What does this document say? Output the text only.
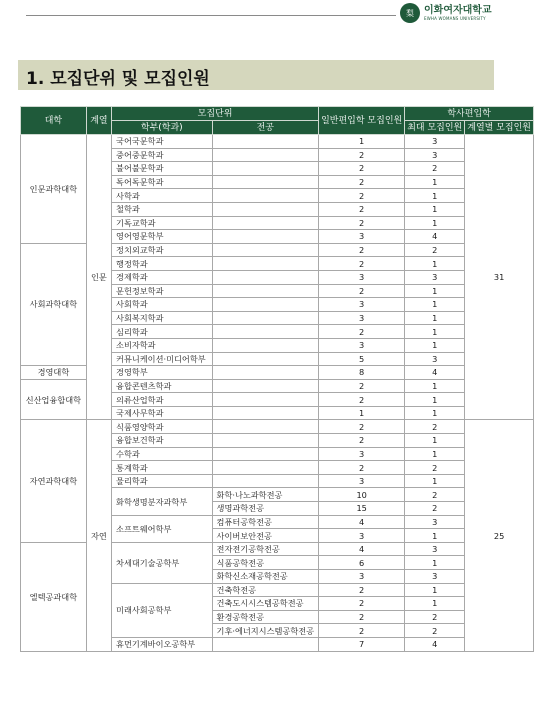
梨	이화여자대학교
EWHA WOMANS UNIVERSITY
1. 모집단위 및 모집인원
대학	계열	모집단위		일반편입학 모집인원	학사편입학	
		학부(학과)	전공		최대 모집인원	계열별 모집인원

인문과학대학	인문	국어국문학과		1	3	31
		중어중문학과		2	3	
		불어불문학과		2	2	
		독어독문학과		2	1	
		사학과		2	1	
		철학과		2	1	
		기독교학과		2	1	
		영어영문학부		3	4	
사회과학대학		정치외교학과		2	2	
		행정학과		2	1	
		경제학과		3	3	
		문헌정보학과		2	1	
		사회학과		3	1	
		사회복지학과		3	1	
		심리학과		2	1	
		소비자학과		3	1	
		커뮤니케이션·미디어학부		5	3	
경영대학		경영학부		8	4	
신산업융합대학		융합콘텐츠학과		2	1	
		의류산업학과		2	1	
		국제사무학과		1	1	
자연과학대학	자연	식품영양학과		2	2	25
		융합보건학과		2	1	
		수학과		3	1	
		통계학과		2	2	
		물리학과		3	1	
		화학생명분자과학부	화학·나노과학전공	10	2	
			생명과학전공	15	2	
		소프트웨어학부	컴퓨터공학전공	4	3	
			사이버보안전공	3	1	
엘텍공과대학		차세대기술공학부	전자전기공학전공	4	3	
			식품공학전공	6	1	
			화학신소재공학전공	3	3	
		미래사회공학부	건축학전공	2	1	
			건축도시시스템공학전공	2	1	
			환경공학전공	2	2	
			기후·에너지시스템공학전공	2	2	
		휴먼기계바이오공학부		7	4	
